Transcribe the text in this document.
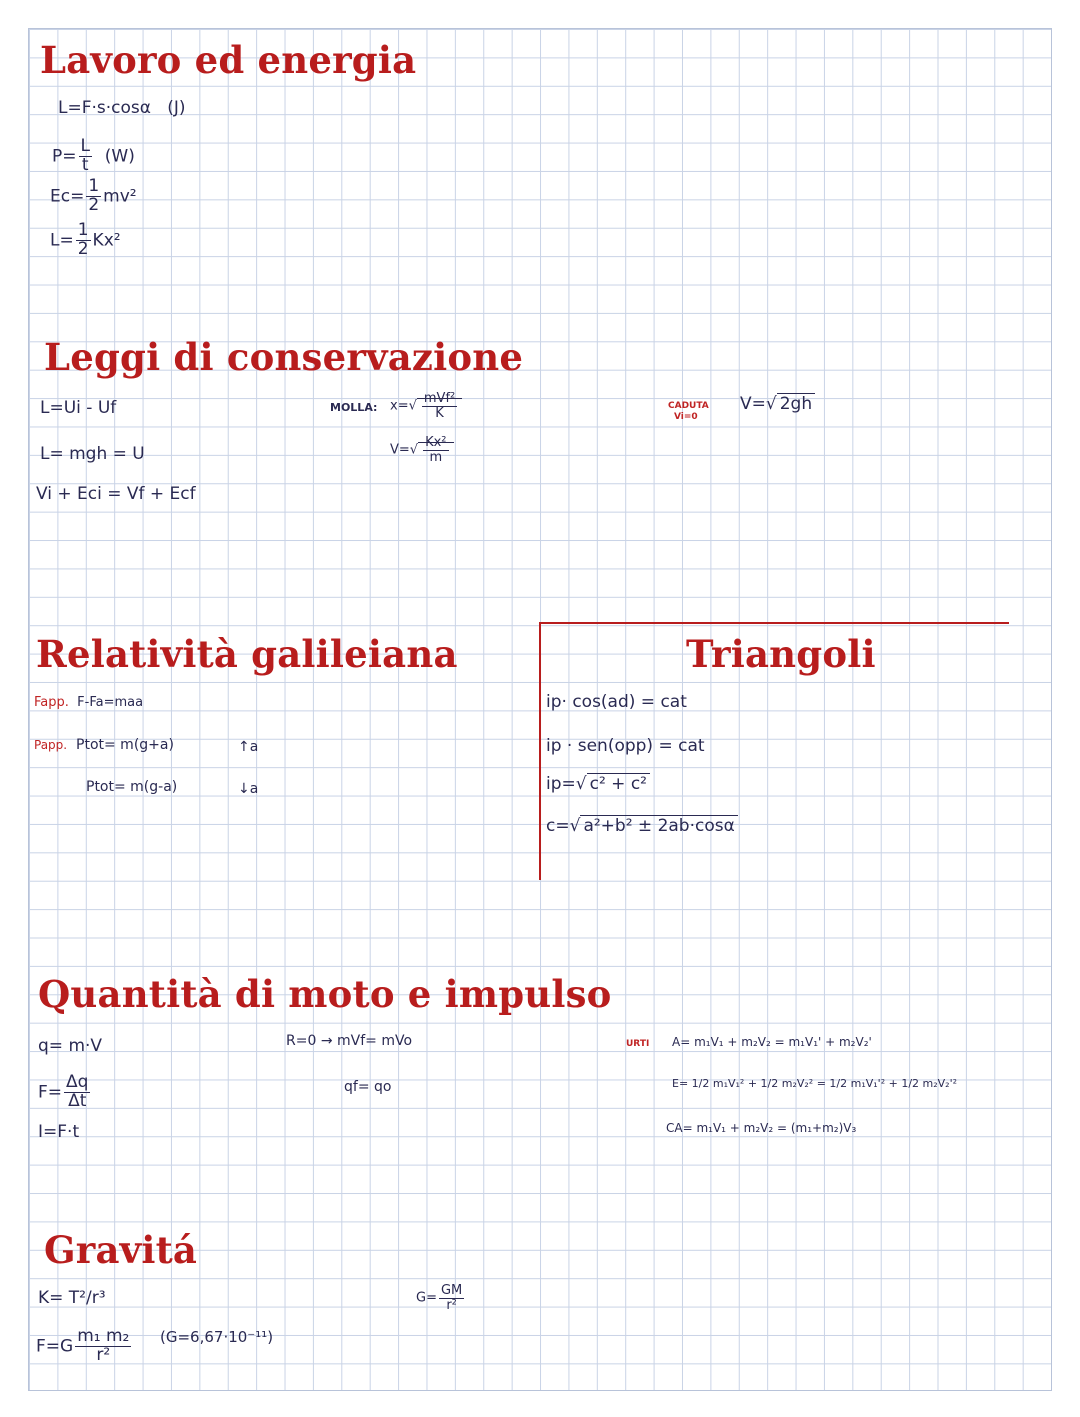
Lavoro ed energia
L=F·s·cosα (J)
$P= \frac{L}{t} (W)$
$Ec= \frac{1}{2} mv^2$
$L= \frac{1}{2} Kx^2$
Leggi di conservazione
L=Ui - Uf
L= mgh = U
Vi + Eci = Vf + Ecf
MOLLA: $x=√ \frac{\text{mVf²}}{K}$
$V=√ \frac{\text{Kx²}}{m}$
CADUTA
Vi=0
V=√ 2gh
Relatività galileiana
Fapp. F-Fa=maa
Papp. Ptot= m(g+a)	↑a
Ptot= m(g-a)	↓a
Triangoli
ip· cos(ad) = cat
ip · sen(opp) = cat
ip=√ c² + c²
c=√ a²+b² ± 2ab·cosα
Quantità di moto e impulso
q= m·V
$F= \frac{\Delta q}{\Delta t}$
I=F·t
R=0 → mVf= mVo
qf= qo
URTI A= m₁V₁ + m₂V₂ = m₁V₁' + m₂V₂'
E= 1/2 m₁V₁² + 1/2 m₂V₂² = 1/2 m₁V₁'² + 1/2 m₂V₂'²
CA= m₁V₁ + m₂V₂ = (m₁+m₂)V₃
Gravitá
K= T²/r³	$G= \frac{GM}{\text{r²}}$
$F=G \frac{\text{m₁ m₂}}{\text{r²}} (G=6,67\cdot 10^{-11})$
